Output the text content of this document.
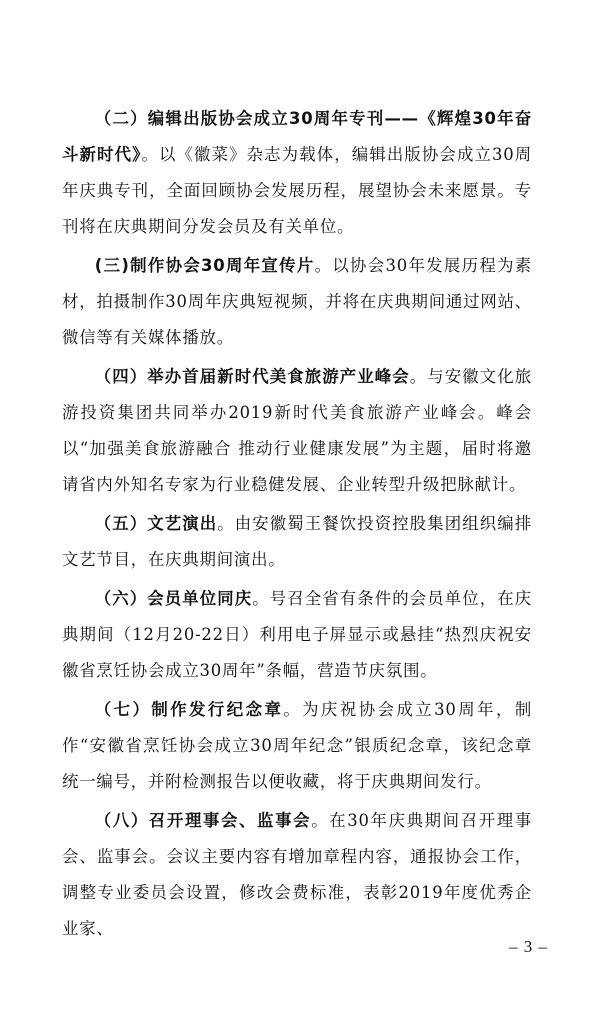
（二）编辑出版协会成立30周年专刊——《辉煌30年奋斗新时代》。以《徽菜》杂志为载体，编辑出版协会成立30周年庆典专刊，全面回顾协会发展历程，展望协会未来愿景。专刊将在庆典期间分发会员及有关单位。

(三)制作协会30周年宣传片。以协会30年发展历程为素材，拍摄制作30周年庆典短视频，并将在庆典期间通过网站、微信等有关媒体播放。

（四）举办首届新时代美食旅游产业峰会。与安徽文化旅游投资集团共同举办2019新时代美食旅游产业峰会。峰会以“加强美食旅游融合 推动行业健康发展”为主题，届时将邀请省内外知名专家为行业稳健发展、企业转型升级把脉献计。

（五）文艺演出。由安徽蜀王餐饮投资控股集团组织编排文艺节目，在庆典期间演出。

（六）会员单位同庆。号召全省有条件的会员单位，在庆典期间（12月20-22日）利用电子屏显示或悬挂“热烈庆祝安徽省烹饪协会成立30周年”条幅，营造节庆氛围。

（七）制作发行纪念章。为庆祝协会成立30周年，制作“安徽省烹饪协会成立30周年纪念”银质纪念章，该纪念章统一编号，并附检测报告以便收藏，将于庆典期间发行。

（八）召开理事会、监事会。在30年庆典期间召开理事会、监事会。会议主要内容有增加章程内容，通报协会工作，调整专业委员会设置，修改会费标准，表彰2019年度优秀企业家、

– 3 –
